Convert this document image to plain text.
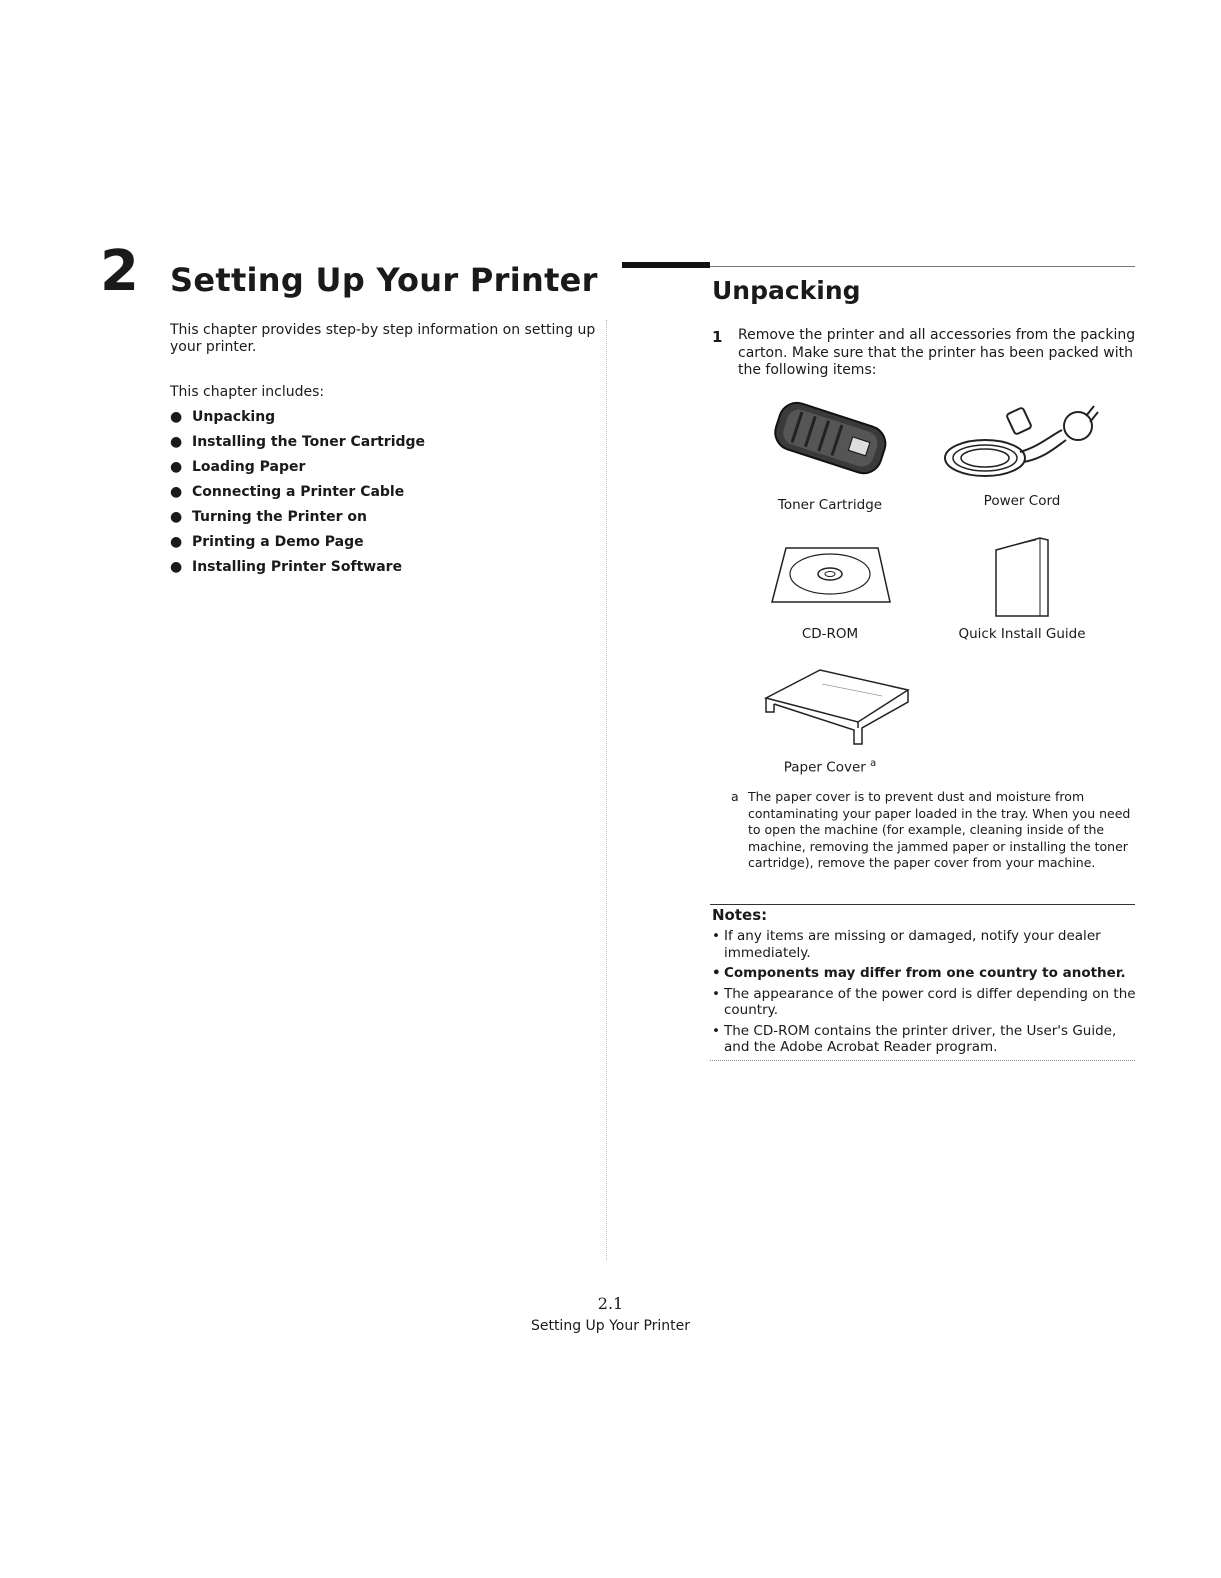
2 Setting Up Your Printer
This chapter provides step-by step information on setting up your printer.
This chapter includes:
● Unpacking
● Installing the Toner Cartridge
● Loading Paper
● Connecting a Printer Cable
● Turning the Printer on
● Printing a Demo Page
● Installing Printer Software
Unpacking
1 Remove the printer and all accessories from the packing carton. Make sure that the printer has been packed with the following items:
Toner Cartridge	Power Cord
CD-ROM	Quick Install Guide
Paper Cover $^a$
a The paper cover is to prevent dust and moisture from contaminating your paper loaded in the tray. When you need to open the machine (for example, cleaning inside of the machine, removing the jammed paper or installing the toner cartridge), remove the paper cover from your machine.
Notes:
• If any items are missing or damaged, notify your dealer immediately.
• Components may differ from one country to another.
• The appearance of the power cord is differ depending on the country.
• The CD-ROM contains the printer driver, the User's Guide, and the Adobe Acrobat Reader program.
2.1
Setting Up Your Printer
